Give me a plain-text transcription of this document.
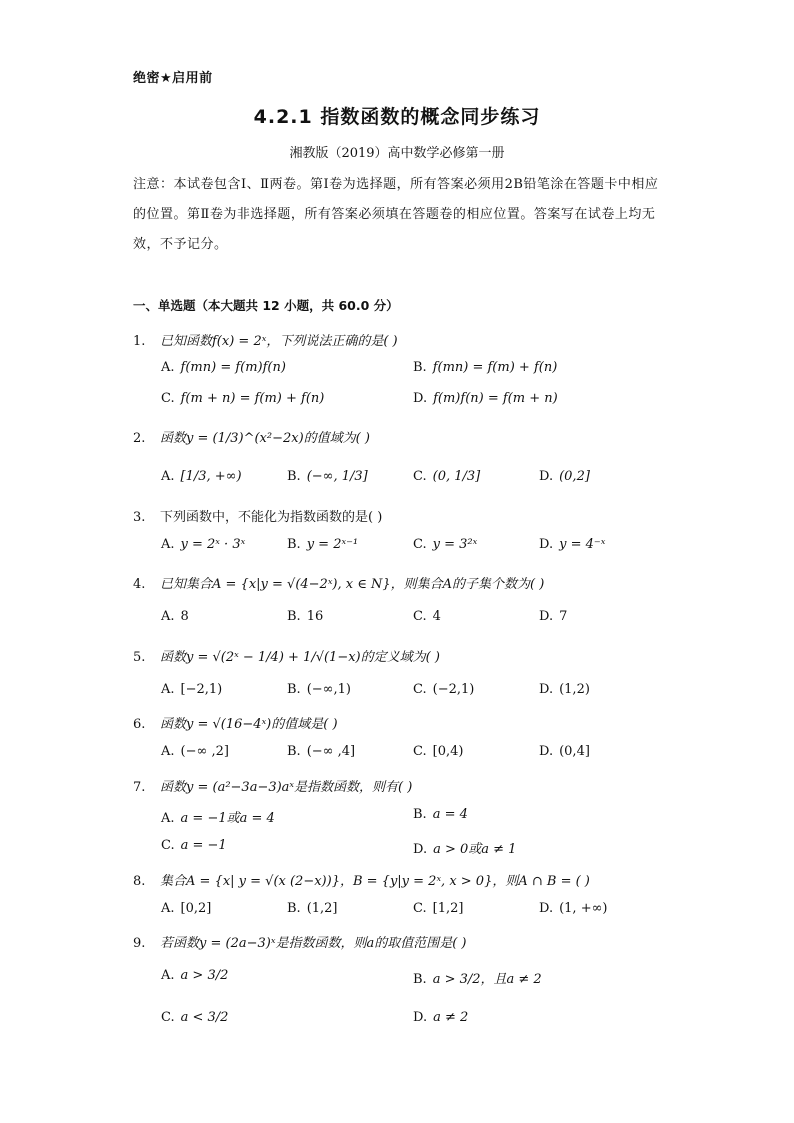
绝密★启用前
4.2.1 指数函数的概念同步练习
湘教版（2019）高中数学必修第一册
注意：本试卷包含Ⅰ、Ⅱ两卷。第Ⅰ卷为选择题，所有答案必须用2B铅笔涂在答题卡中相应的位置。第Ⅱ卷为非选择题，所有答案必须填在答题卷的相应位置。答案写在试卷上均无效，不予记分。
一、单选题（本大题共 12 小题，共 60.0 分）
1. 已知函数f(x) = 2ˣ，下列说法正确的是( )
A. f(mn) = f(m)f(n)	B. f(mn) = f(m) + f(n)
C. f(m + n) = f(m) + f(n)	D. f(m)f(n) = f(m + n)
2. 函数y = (1/3)^(x²−2x)的值域为( )
A. [1/3, +∞)	B. (−∞, 1/3]	C. (0, 1/3]	D. (0,2]
3. 下列函数中，不能化为指数函数的是( )
A. y = 2ˣ · 3ˣ	B. y = 2ˣ⁻¹	C. y = 3²ˣ	D. y = 4⁻ˣ
4. 已知集合A = {x|y = √(4−2ˣ), x ∈ N}，则集合A的子集个数为( )
A. 8	B. 16	C. 4	D. 7
5. 函数y = √(2ˣ − 1/4) + 1/√(1−x)的定义域为( )
A. [−2,1)	B. (−∞,1)	C. (−2,1)	D. (1,2)
6. 函数y = √(16−4ˣ)的值域是( )
A. (−∞ ,2]	B. (−∞ ,4]	C. [0,4)	D. (0,4]
7. 函数y = (a²−3a−3)aˣ是指数函数，则有( )
A. a = −1或a = 4	B. a = 4
C. a = −1	D. a > 0或a ≠ 1
8. 集合A = {x| y = √(x (2−x))}，B = {y|y = 2ˣ, x > 0}，则A ∩ B = ( )
A. [0,2]	B. (1,2]	C. [1,2]	D. (1, +∞)
9. 若函数y = (2a−3)ˣ是指数函数，则a的取值范围是( )
A. a > 3/2	B. a > 3/2，且a ≠ 2
C. a < 3/2	D. a ≠ 2
